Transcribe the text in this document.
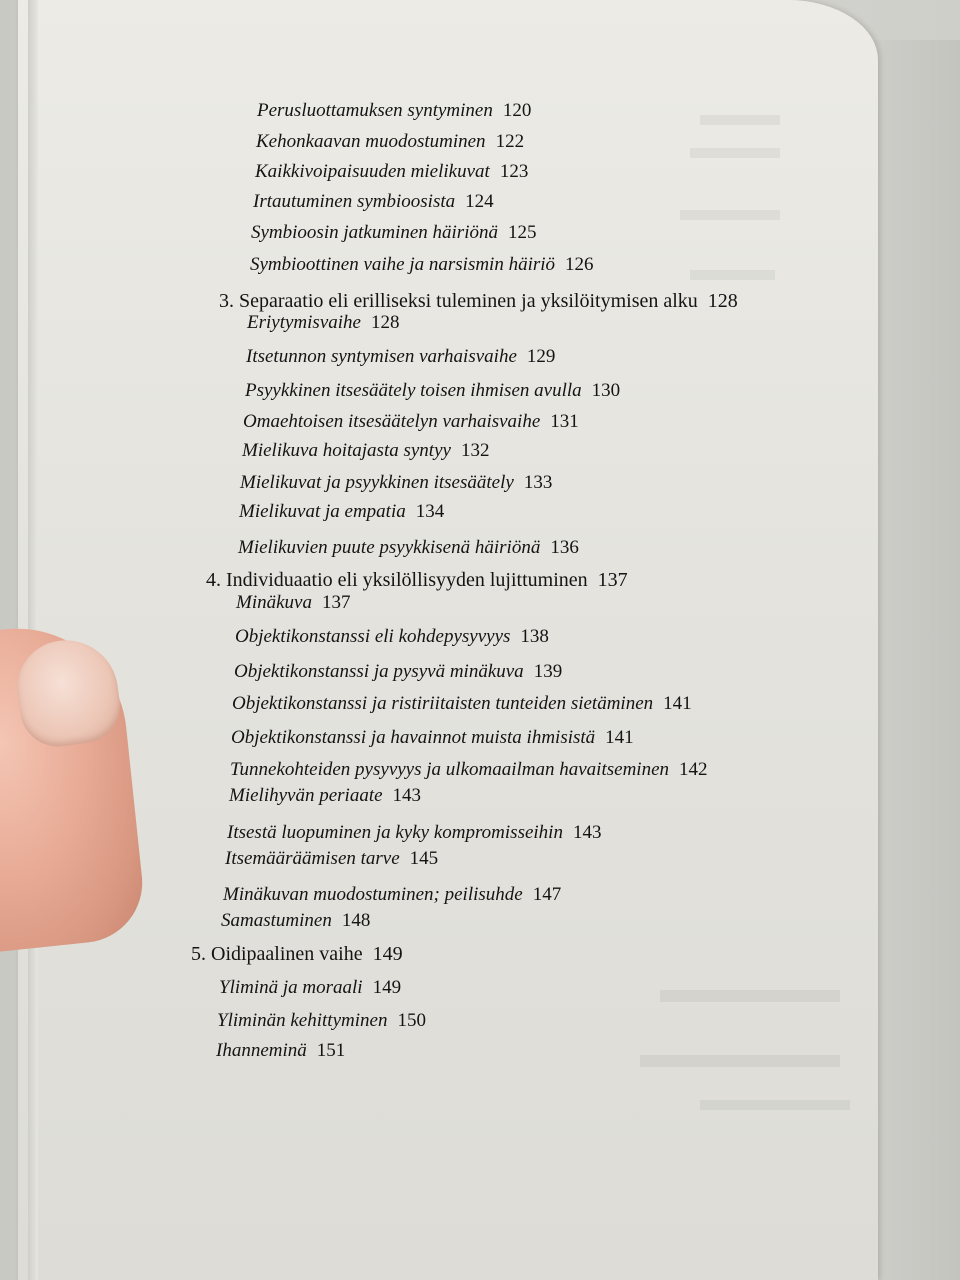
Perusluottamuksen syntyminen 120
Kehonkaavan muodostuminen 122
Kaikkivoipaisuuden mielikuvat 123
Irtautuminen symbioosista 124
Symbioosin jatkuminen häiriönä 125
Symbioottinen vaihe ja narsismin häiriö 126
3. Separaatio eli erilliseksi tuleminen ja yksilöitymisen alku 128
Eriytymisvaihe 128
Itsetunnon syntymisen varhaisvaihe 129
Psyykkinen itsesäätely toisen ihmisen avulla 130
Omaehtoisen itsesäätelyn varhaisvaihe 131
Mielikuva hoitajasta syntyy 132
Mielikuvat ja psyykkinen itsesäätely 133
Mielikuvat ja empatia 134
Mielikuvien puute psyykkisenä häiriönä 136
4. Individuaatio eli yksilöllisyyden lujittuminen 137
Minäkuva 137
Objektikonstanssi eli kohdepysyvyys 138
Objektikonstanssi ja pysyvä minäkuva 139
Objektikonstanssi ja ristiriitaisten tunteiden sietäminen 141
Objektikonstanssi ja havainnot muista ihmisistä 141
Tunnekohteiden pysyvyys ja ulkomaailman havaitseminen 142
Mielihyvän periaate 143
Itsestä luopuminen ja kyky kompromisseihin 143
Itsemääräämisen tarve 145
Minäkuvan muodostuminen; peilisuhde 147
Samastuminen 148
5. Oidipaalinen vaihe 149
Yliminä ja moraali 149
Yliminän kehittyminen 150
Ihanneminä 151
